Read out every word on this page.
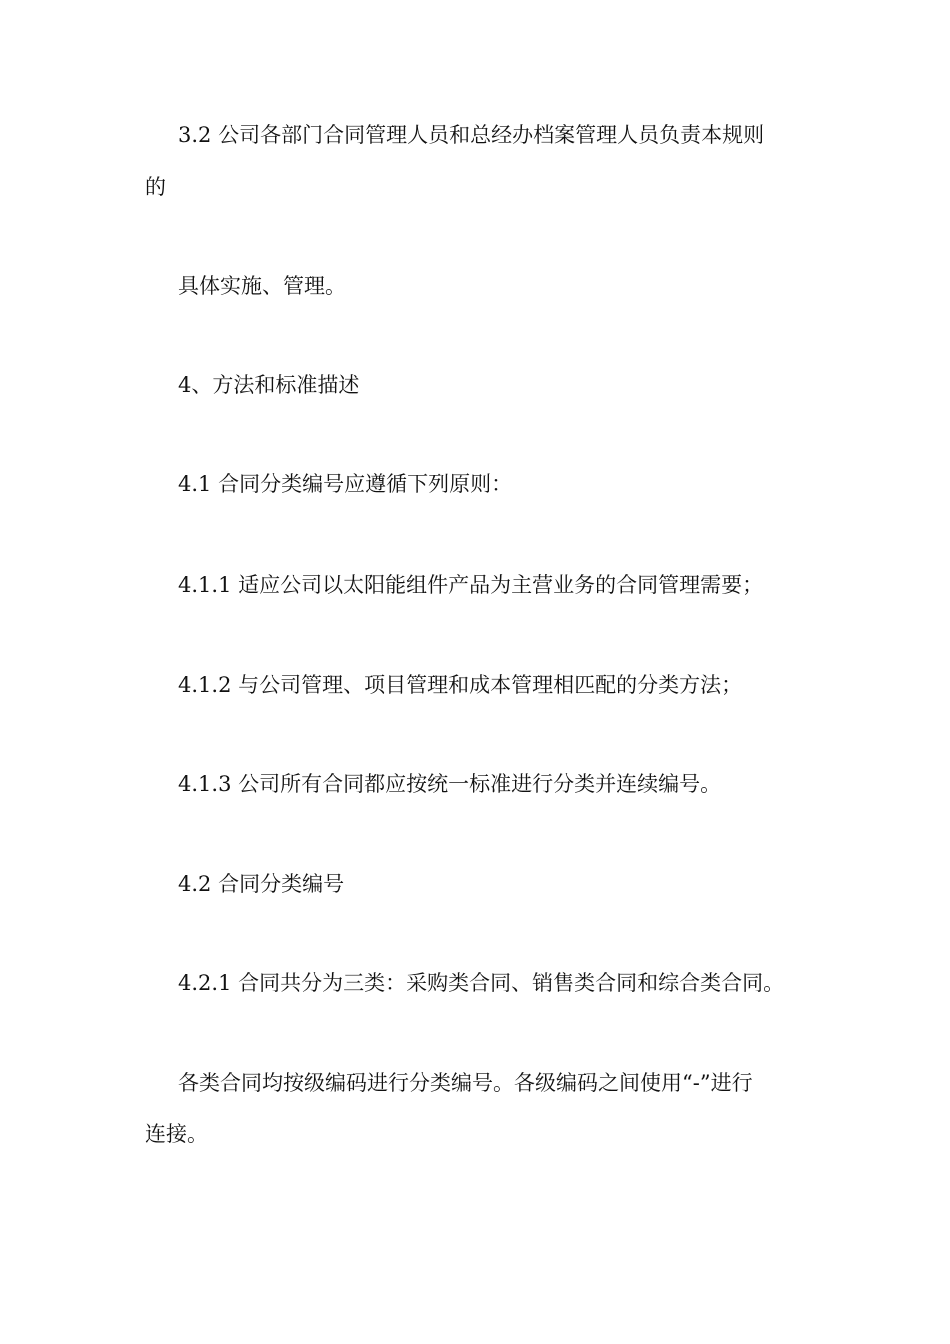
3.2 公司各部门合同管理人员和总经办档案管理人员负责本规则
的
具体实施、管理。
4、方法和标准描述
4.1 合同分类编号应遵循下列原则：
4.1.1 适应公司以太阳能组件产品为主营业务的合同管理需要；
4.1.2 与公司管理、项目管理和成本管理相匹配的分类方法；
4.1.3 公司所有合同都应按统一标准进行分类并连续编号。
4.2 合同分类编号
4.2.1 合同共分为三类：采购类合同、销售类合同和综合类合同。
各类合同均按级编码进行分类编号。各级编码之间使用“-”进行
连接。
